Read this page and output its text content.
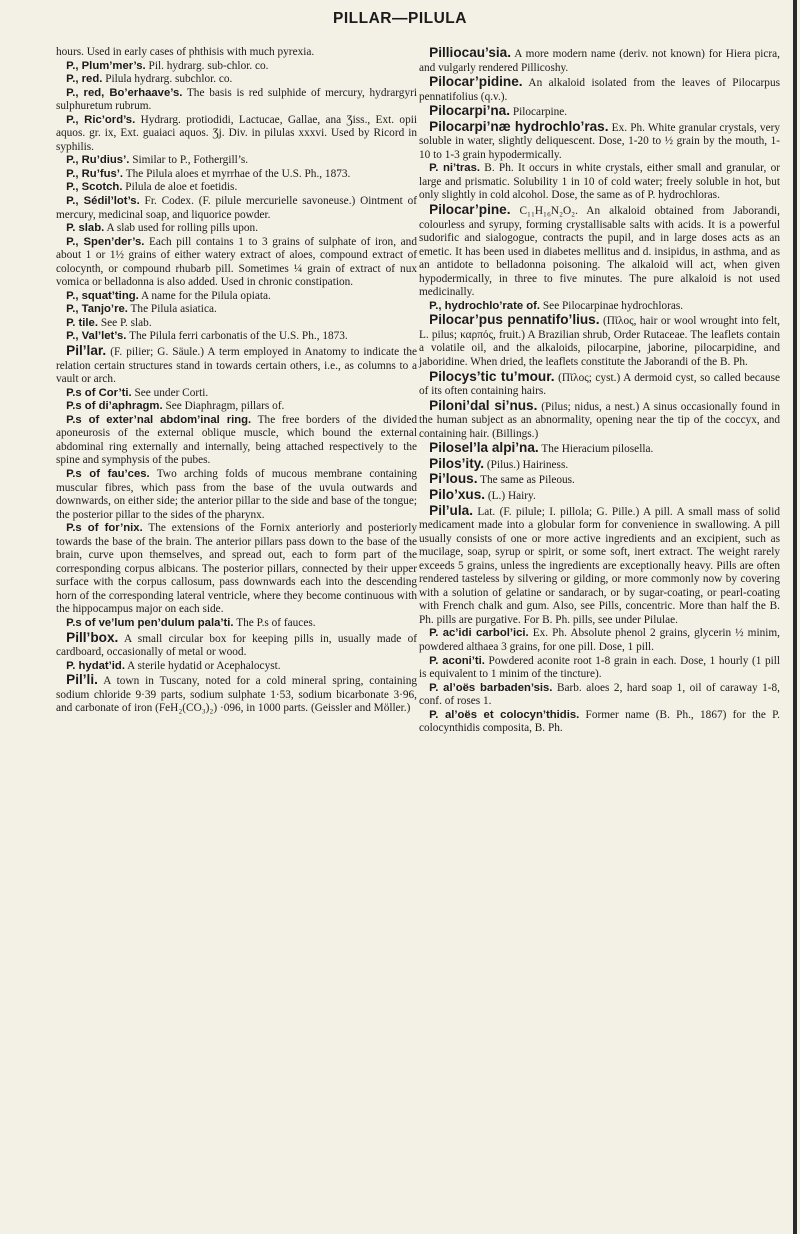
PILLAR—PILULA

hours. Used in early cases of phthisis with much pyrexia.

P., Plum’mer’s. Pil. hydrarg. sub-chlor. co.

P., red. Pilula hydrarg. subchlor. co.

P., red, Bo’erhaave’s. The basis is red sulphide of mercury, hydrargyri sulphuretum rubrum.

P., Ric’ord’s. Hydrarg. protiodidi, Lactucae, Gallae, ana Ʒiss., Ext. opii aquos. gr. ix, Ext. guaiaci aquos. Ʒj. Div. in pilulas xxxvi. Used by Ricord in syphilis.

P., Ru’dius’. Similar to P., Fothergill’s.

P., Ru’fus’. The Pilula aloes et myrrhae of the U.S. Ph., 1873.

P., Scotch. Pilula de aloe et foetidis.

P., Sédil’lot’s. Fr. Codex. (F. pilule mercurielle savoneuse.) Ointment of mercury, medicinal soap, and liquorice powder.

P. slab. A slab used for rolling pills upon.

P., Spen’der’s. Each pill contains 1 to 3 grains of sulphate of iron, and about 1 or 1½ grains of either watery extract of aloes, compound extract of colocynth, or compound rhubarb pill. Sometimes ¼ grain of extract of nux vomica or belladonna is also added. Used in chronic constipation.

P., squat’ting. A name for the Pilula opiata.

P., Tanjo’re. The Pilula asiatica.

P. tile. See P. slab.

P., Val’let’s. The Pilula ferri carbonatis of the U.S. Ph., 1873.

Pil’lar. (F. pilier; G. Säule.) A term employed in Anatomy to indicate the relation certain structures stand in towards certain others, i.e., as columns to a vault or arch.

P.s of Cor’ti. See under Corti.

P.s of di’aphragm. See Diaphragm, pillars of.

P.s of exter’nal abdom’inal ring. The free borders of the divided aponeurosis of the external oblique muscle, which bound the external abdominal ring externally and internally, being attached respectively to the spine and symphysis of the pubes.

P.s of fau’ces. Two arching folds of mucous membrane containing muscular fibres, which pass from the base of the uvula outwards and downwards, on either side; the anterior pillar to the side and base of the tongue; the posterior pillar to the sides of the pharynx.

P.s of for’nix. The extensions of the Fornix anteriorly and posteriorly towards the base of the brain. The anterior pillars pass down to the base of the brain, curve upon themselves, and spread out, each to form part of the corresponding corpus albicans. The posterior pillars, connected by their upper surface with the corpus callosum, pass downwards each into the descending horn of the corresponding lateral ventricle, where they become continuous with the hippocampus major on each side.

P.s of ve’lum pen’dulum pala’ti. The P.s of fauces.

Pill’box. A small circular box for keeping pills in, usually made of cardboard, occasionally of metal or wood.

P. hydat’id. A sterile hydatid or Acephalocyst.

Pil’li. A town in Tuscany, noted for a cold mineral spring, containing sodium chloride 9·39 parts, sodium sulphate 1·53, sodium bicarbonate 3·96, and carbonate of iron (FeH₂(CO₃)₂) ·096, in 1000 parts. (Geissler and Möller.)

Pilliocаu’sia. A more modern name (deriv. not known) for Hiera picra, and vulgarly rendered Pillicoshy.

Pilocar’pidine. An alkaloid isolated from the leaves of Pilocarpus pennatifolius (q.v.).

Pilocarpi’na. Pilocarpine.

Pilocarpi’næ hydrochlo’ras. Ex. Ph. White granular crystals, very soluble in water, slightly deliquescent. Dose, 1-20 to ½ grain by the mouth, 1-10 to 1-3 grain hypodermically.

P. ni’tras. B. Ph. It occurs in white crystals, either small and granular, or large and prismatic. Solubility 1 in 10 of cold water; freely soluble in hot, but only slightly in cold alcohol. Dose, the same as of P. hydrochloras.

Pilocar’pine. C₁₁H₁₆N₂O₂. An alkaloid obtained from Jaborandi, colourless and syrupy, forming crystallisable salts with acids. It is a powerful sudorific and sialogogue, contracts the pupil, and in large doses acts as an emetic. It has been used in diabetes mellitus and d. insipidus, in asthma, and as an antidote to belladonna poisoning. The alkaloid will act, when given hypodermically, in three to five minutes. The pure alkaloid is not used medicinally.

P., hydrochlo’rate of. See Pilocarpinae hydrochloras.

Pilocar’pus pennatifo’lius. (Πῖλος, hair or wool wrought into felt, L. pilus; καρπός, fruit.) A Brazilian shrub, Order Rutaceae. The leaflets contain a volatile oil, and the alkaloids, pilocarpine, jaborine, pilocarpidine, and jaboridine. When dried, the leaflets constitute the Jaborandi of the B. Ph.

Pilocys’tic tu’mour. (Πῖλος; cyst.) A dermoid cyst, so called because of its often containing hairs.

Piloni’dal si’nus. (Pilus; nidus, a nest.) A sinus occasionally found in the human subject as an abnormality, opening near the tip of the coccyx, and containing hair. (Billings.)

Pilosel’la alpi’na. The Hieracium pilosella.

Pilos’ity. (Pilus.) Hairiness.

Pi’lous. The same as Pileous.

Pilo’xus. (L.) Hairy.

Pil’ula. Lat. (F. pilule; I. pillola; G. Pille.) A pill. A small mass of solid medicament made into a globular form for convenience in swallowing. A pill usually consists of one or more active ingredients and an excipient, such as mucilage, soap, syrup or spirit, or some soft, inert extract. The weight rarely exceeds 5 grains, unless the ingredients are exceptionally heavy. Pills are often rendered tasteless by silvering or gilding, or more commonly now by covering with a solution of gelatine or sandarach, or by sugar-coating, or pearl-coating with French chalk and gum. Also, see Pills, concentric. More than half the B. Ph. pills are purgative. For B. Ph. pills, see under Pilulae.

P. ac’idi carbol’ici. Ex. Ph. Absolute phenol 2 grains, glycerin ½ minim, powdered althaea 3 grains, for one pill. Dose, 1 pill.

P. aconi’ti. Powdered aconite root 1-8 grain in each. Dose, 1 hourly (1 pill is equivalent to 1 minim of the tincture).

P. al’oës barbaden’sis. Barb. aloes 2, hard soap 1, oil of caraway 1-8, conf. of roses 1.

P. al’oës et colocyn’thidis. Former name (B. Ph., 1867) for the P. colocynthidis composita, B. Ph.
